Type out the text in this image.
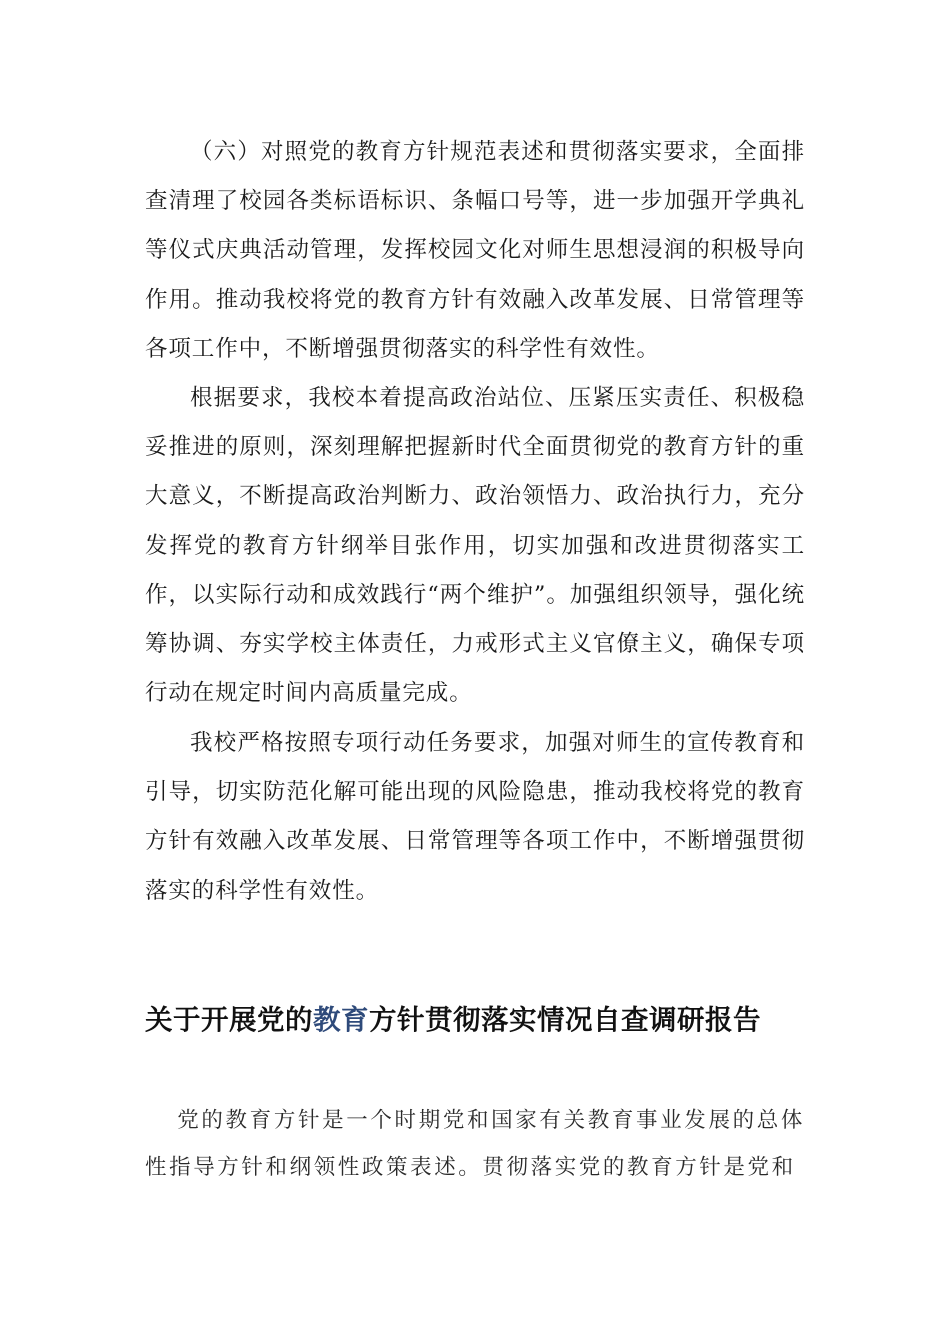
（六）对照党的教育方针规范表述和贯彻落实要求，全面排查清理了校园各类标语标识、条幅口号等，进一步加强开学典礼等仪式庆典活动管理，发挥校园文化对师生思想浸润的积极导向作用。推动我校将党的教育方针有效融入改革发展、日常管理等各项工作中，不断增强贯彻落实的科学性有效性。

根据要求，我校本着提高政治站位、压紧压实责任、积极稳妥推进的原则，深刻理解把握新时代全面贯彻党的教育方针的重大意义，不断提高政治判断力、政治领悟力、政治执行力，充分发挥党的教育方针纲举目张作用，切实加强和改进贯彻落实工作，以实际行动和成效践行“两个维护”。加强组织领导，强化统筹协调、夯实学校主体责任，力戒形式主义官僚主义，确保专项行动在规定时间内高质量完成。

我校严格按照专项行动任务要求，加强对师生的宣传教育和引导，切实防范化解可能出现的风险隐患，推动我校将党的教育方针有效融入改革发展、日常管理等各项工作中，不断增强贯彻落实的科学性有效性。

关于开展党的教育方针贯彻落实情况自查调研报告

党的教育方针是一个时期党和国家有关教育事业发展的总体性指导方针和纲领性政策表述。贯彻落实党的教育方针是党和
